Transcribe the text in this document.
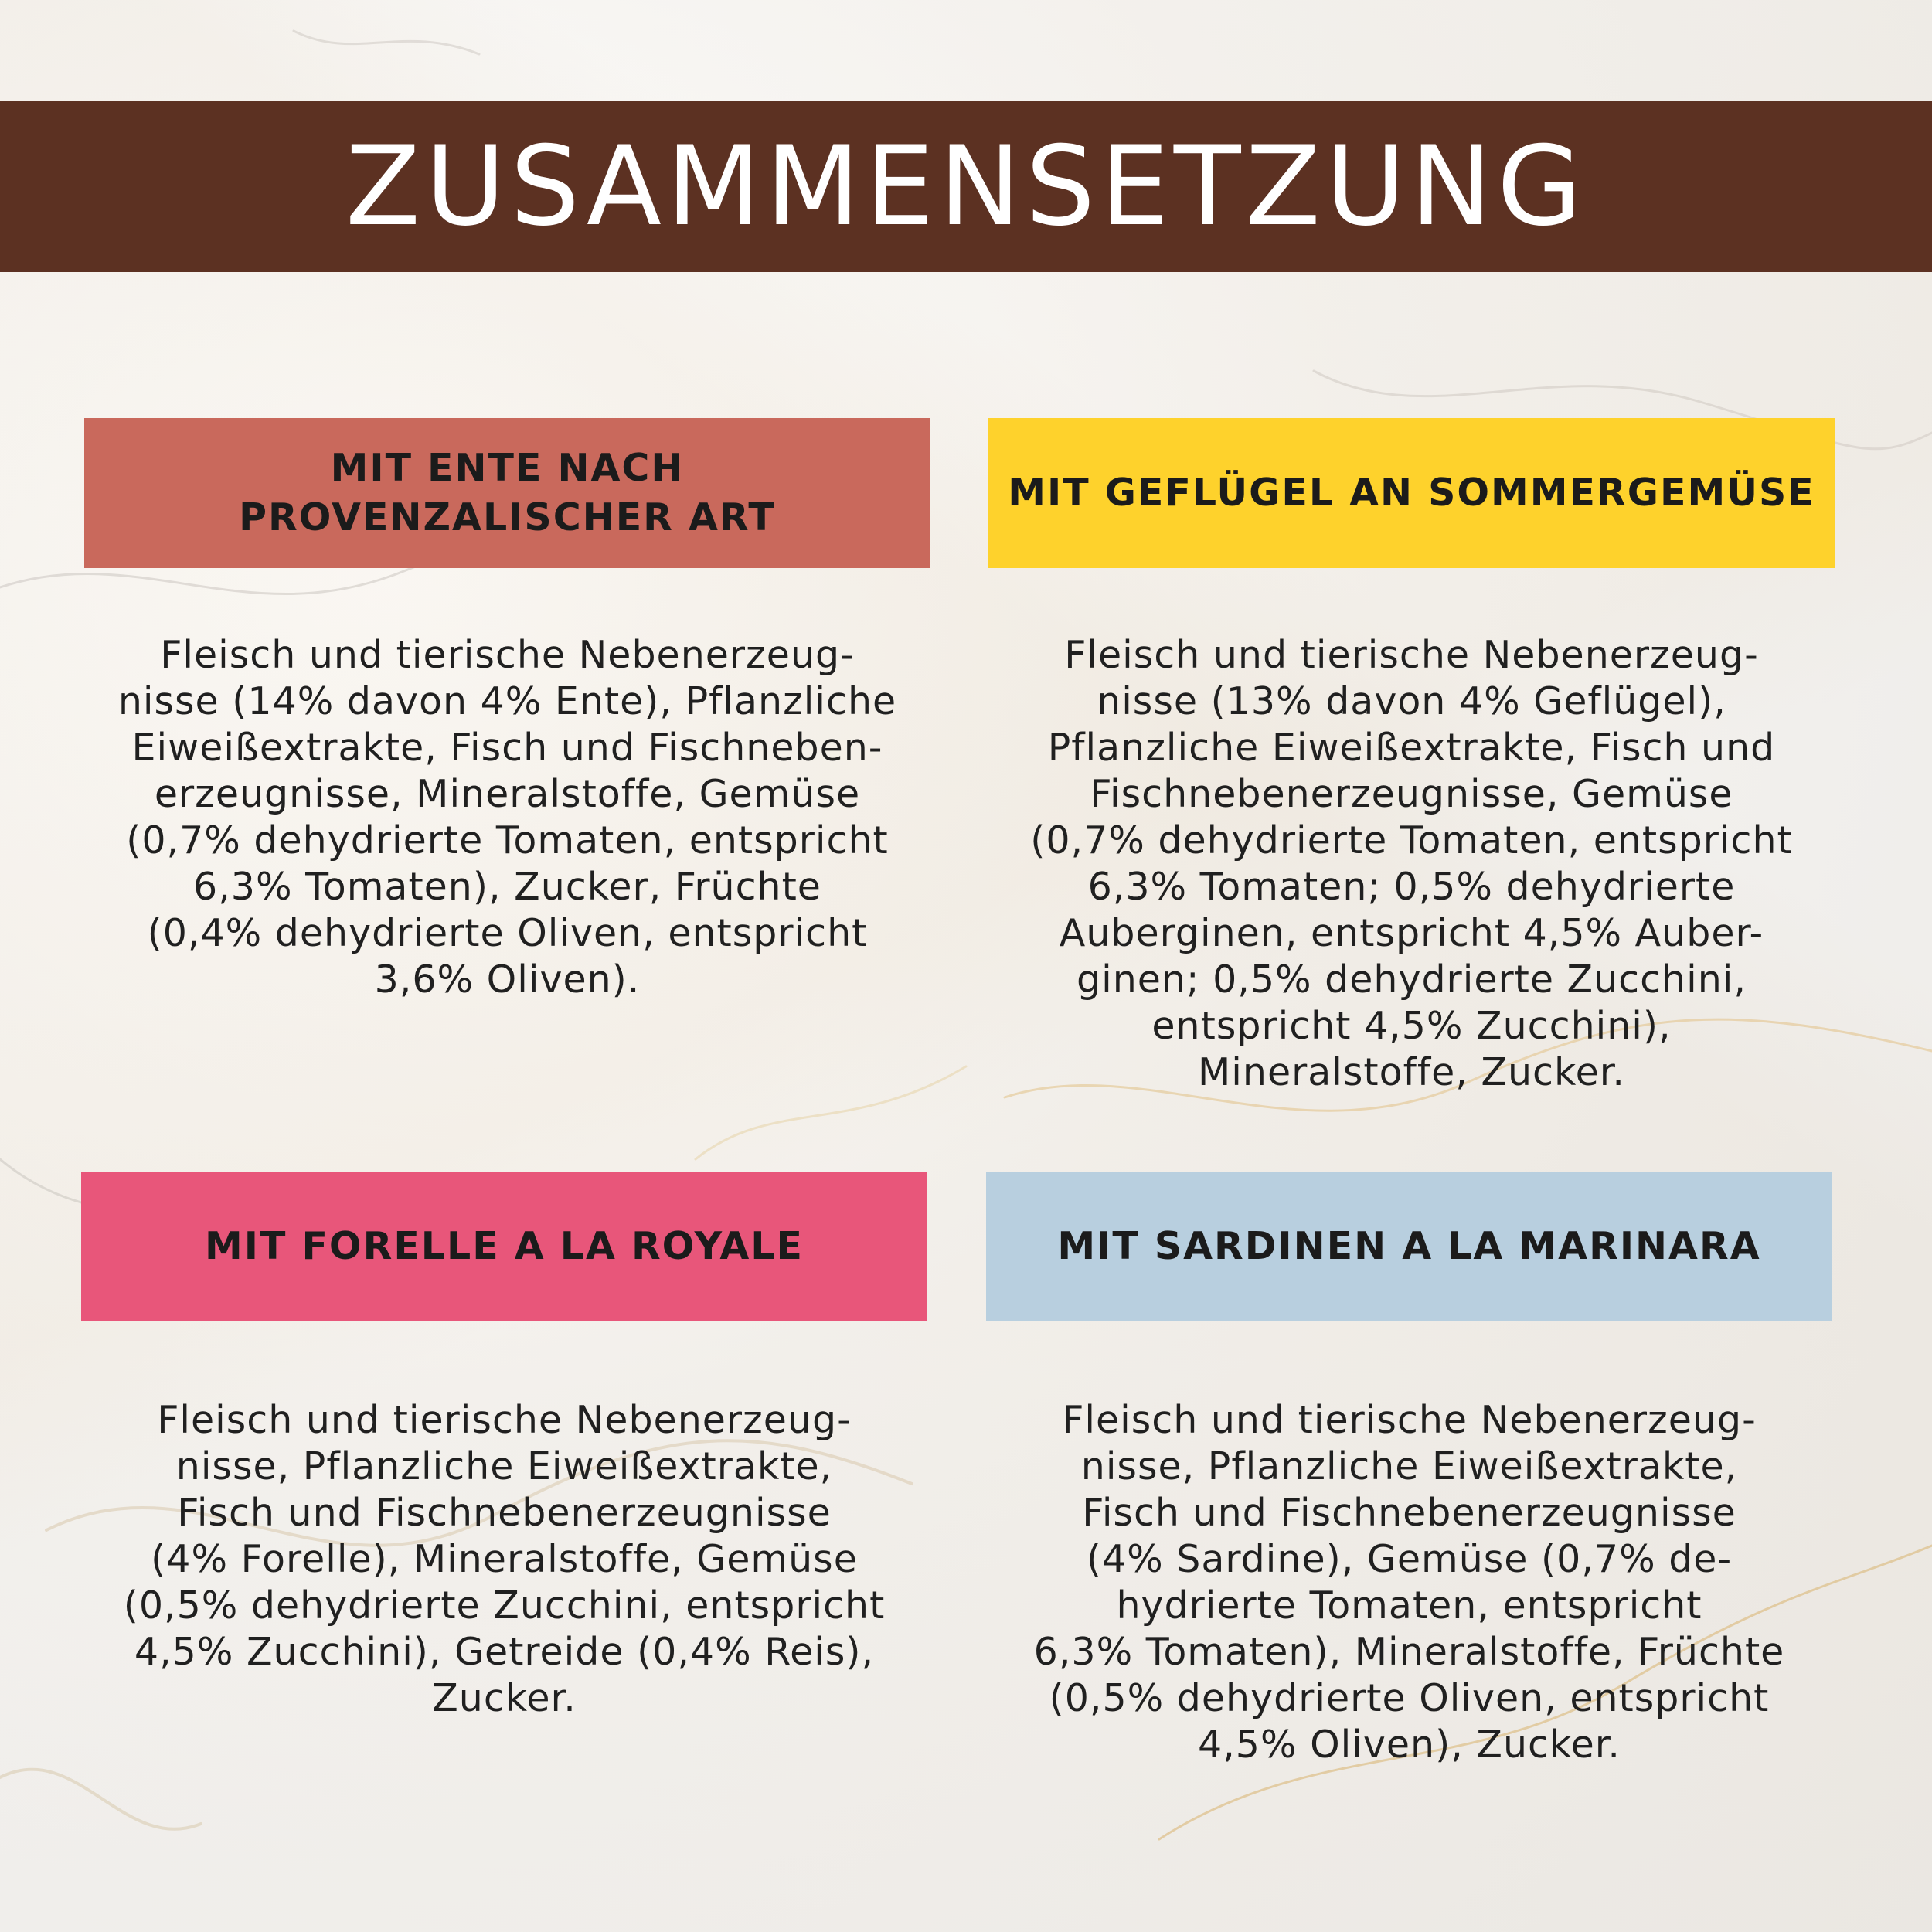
ZUSAMMENSETZUNG
MIT ENTE NACH
PROVENZALISCHER ART
MIT GEFLÜGEL AN SOMMERGEMÜSE
MIT FORELLE A LA ROYALE	MIT SARDINEN A LA MARINARA
Fleisch und tierische Nebenerzeug-
nisse (14% davon 4% Ente), Pflanzliche
Eiweißextrakte, Fisch und Fischneben-
erzeugnisse, Mineralstoffe, Gemüse
(0,7% dehydrierte Tomaten, entspricht
6,3% Tomaten), Zucker, Früchte
(0,4% dehydrierte Oliven, entspricht
3,6% Oliven).
Fleisch und tierische Nebenerzeug-
nisse (13% davon 4% Geflügel),
Pflanzliche Eiweißextrakte, Fisch und
Fischnebenerzeugnisse, Gemüse
(0,7% dehydrierte Tomaten, entspricht
6,3% Tomaten; 0,5% dehydrierte
Auberginen, entspricht 4,5% Auber-
ginen; 0,5% dehydrierte Zucchini,
entspricht 4,5% Zucchini),
Mineralstoffe, Zucker.
Fleisch und tierische Nebenerzeug-
nisse, Pflanzliche Eiweißextrakte,
Fisch und Fischnebenerzeugnisse
(4% Forelle), Mineralstoffe, Gemüse
(0,5% dehydrierte Zucchini, entspricht
4,5% Zucchini), Getreide (0,4% Reis),
Zucker.
Fleisch und tierische Nebenerzeug-
nisse, Pflanzliche Eiweißextrakte,
Fisch und Fischnebenerzeugnisse
(4% Sardine), Gemüse (0,7% de-
hydrierte Tomaten, entspricht
6,3% Tomaten), Mineralstoffe, Früchte
(0,5% dehydrierte Oliven, entspricht
4,5% Oliven), Zucker.
